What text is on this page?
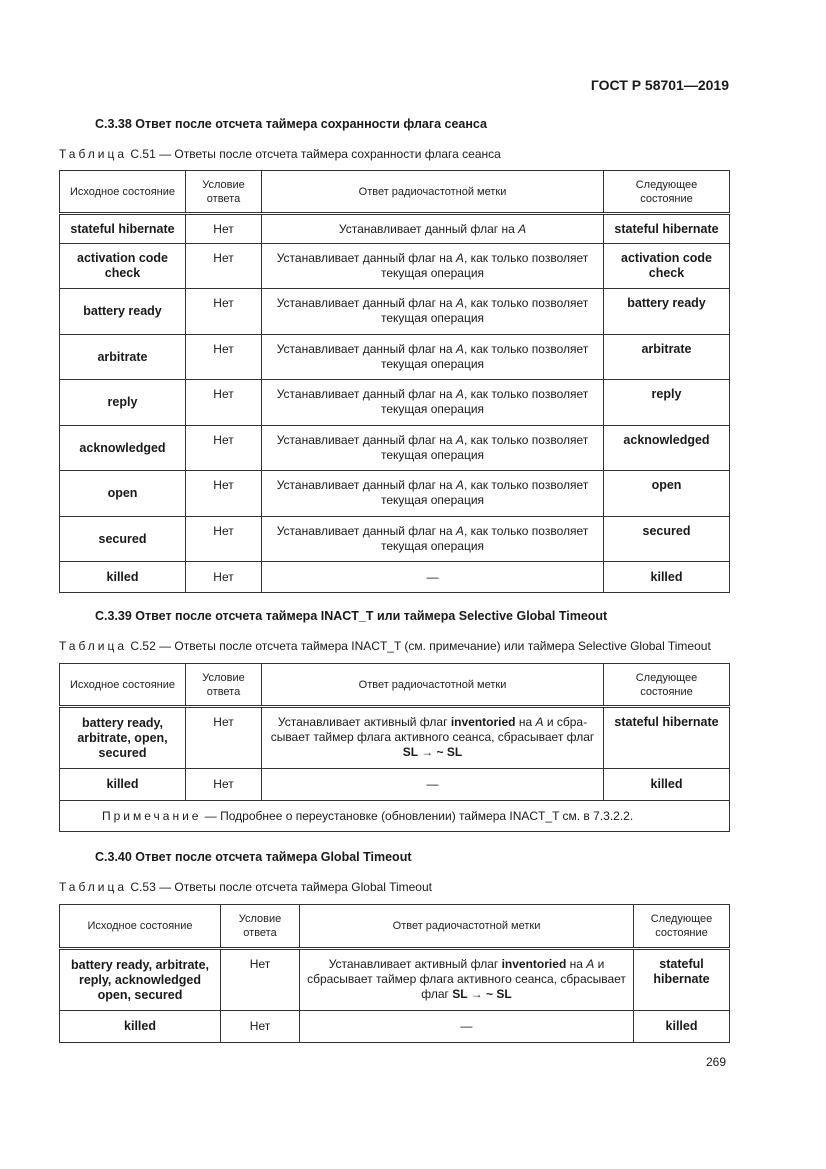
ГОСТ Р 58701—2019
С.3.38 Ответ после отсчета таймера сохранности флага сеанса
Таблица С.51 — Ответы после отсчета таймера сохранности флага сеанса
Исходное состояние	Условие ответа	Ответ радиочастотной метки	Следующее состояние
stateful hibernate	Нет	Устанавливает данный флаг на A	stateful hibernate
activation code check	Нет	Устанавливает данный флаг на A, как только позволяет текущая операция	activation code check
battery ready	Нет	Устанавливает данный флаг на A, как только позволяет текущая операция	battery ready
arbitrate	Нет	Устанавливает данный флаг на A, как только позволяет текущая операция	arbitrate
reply	Нет	Устанавливает данный флаг на A, как только позволяет текущая операция	reply
acknowledged	Нет	Устанавливает данный флаг на A, как только позволяет текущая операция	acknowledged
open	Нет	Устанавливает данный флаг на A, как только позволяет текущая операция	open
secured	Нет	Устанавливает данный флаг на A, как только позволяет текущая операция	secured
killed	Нет	—	killed
С.3.39 Ответ после отсчета таймера INACT_T или таймера Selective Global Timeout
Таблица С.52 — Ответы после отсчета таймера INACT_T (см. примечание) или таймера Selective Global Timeout
Исходное состояние	Условие ответа	Ответ радиочастотной метки	Следующее состояние
battery ready, arbitrate, open, secured	Нет	Устанавливает активный флаг inventoried на A и сбра-сывает таймер флага активного сеанса, сбрасывает флаг SL → ~ SL	stateful hibernate
killed	Нет	—	killed
Примечание — Подробнее о переустановке (обновлении) таймера INACT_T см. в 7.3.2.2.			
С.3.40 Ответ после отсчета таймера Global Timeout
Таблица С.53 — Ответы после отсчета таймера Global Timeout
Исходное состояние	Условие ответа	Ответ радиочастотной метки	Следующее состояние
battery ready, arbitrate, reply, acknowledged open, secured	Нет	Устанавливает активный флаг inventoried на A и сбрасывает таймер флага активного сеанса, сбрасывает флаг SL → ~ SL	stateful hibernate
killed	Нет	—	killed
269
